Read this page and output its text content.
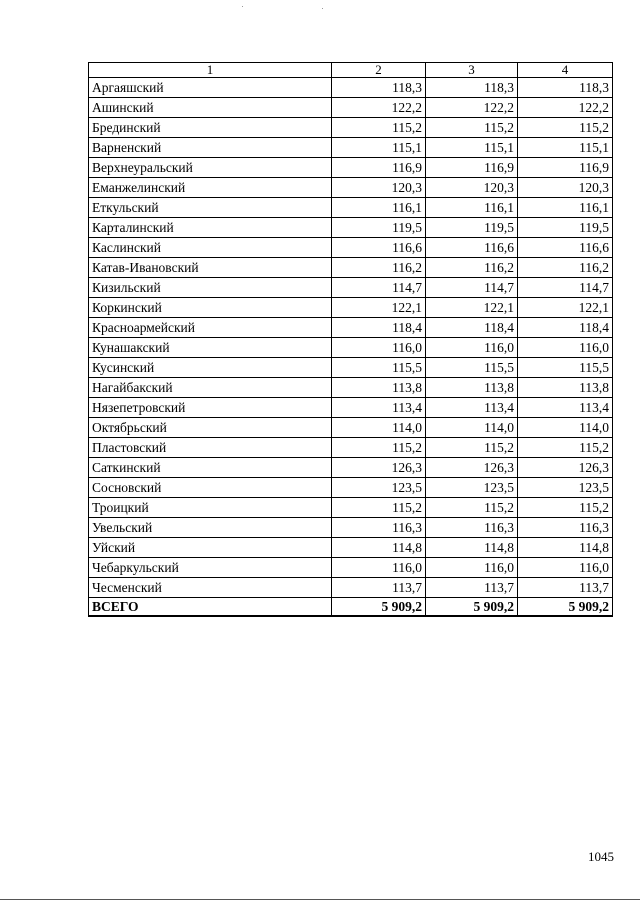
1	2	3	4
Аргаяшский	118,3	118,3	118,3
Ашинский	122,2	122,2	122,2
Брединский	115,2	115,2	115,2
Варненский	115,1	115,1	115,1
Верхнеуральский	116,9	116,9	116,9
Еманжелинский	120,3	120,3	120,3
Еткульский	116,1	116,1	116,1
Карталинский	119,5	119,5	119,5
Каслинский	116,6	116,6	116,6
Катав-Ивановский	116,2	116,2	116,2
Кизильский	114,7	114,7	114,7
Коркинский	122,1	122,1	122,1
Красноармейский	118,4	118,4	118,4
Кунашакский	116,0	116,0	116,0
Кусинский	115,5	115,5	115,5
Нагайбакский	113,8	113,8	113,8
Нязепетровский	113,4	113,4	113,4
Октябрьский	114,0	114,0	114,0
Пластовский	115,2	115,2	115,2
Саткинский	126,3	126,3	126,3
Сосновский	123,5	123,5	123,5
Троицкий	115,2	115,2	115,2
Увельский	116,3	116,3	116,3
Уйский	114,8	114,8	114,8
Чебаркульский	116,0	116,0	116,0
Чесменский	113,7	113,7	113,7
ВСЕГО	5 909,2	5 909,2	5 909,2
1045
